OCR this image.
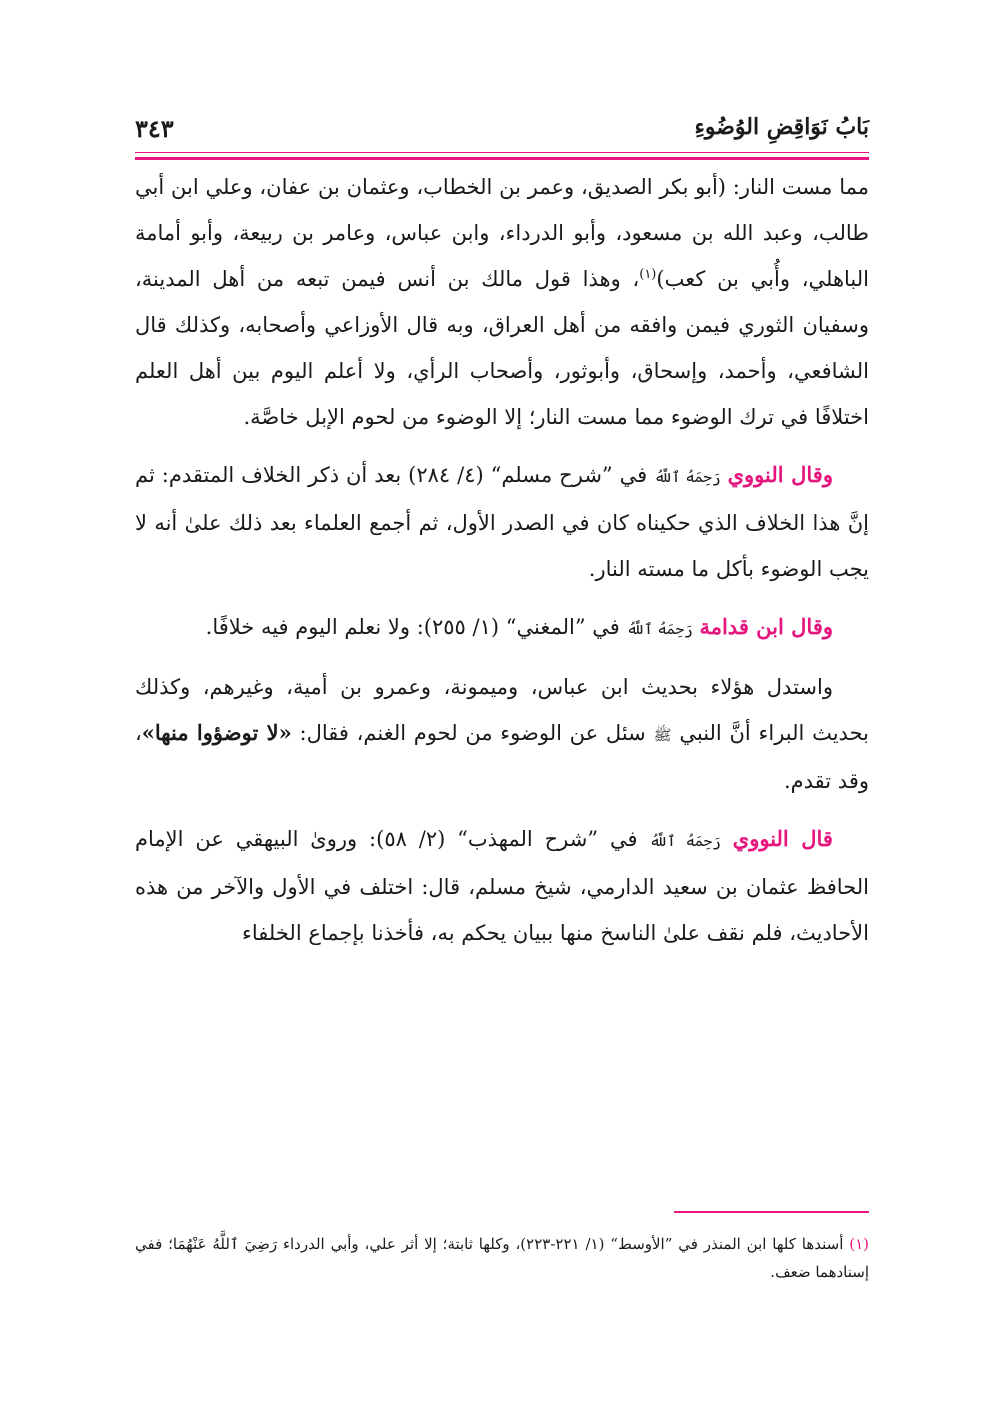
بَابُ نَوَاقِضِ الوُضُوءِ
٣٤٣

مما مست النار: (أبو بكر الصديق، وعمر بن الخطاب، وعثمان بن عفان، وعلي ابن أبي طالب، وعبد الله بن مسعود، وأبو الدرداء، وابن عباس، وعامر بن ربيعة، وأبو أمامة الباهلي، وأُبي بن كعب)$^{(١)}$، وهذا قول مالك بن أنس فيمن تبعه من أهل المدينة، وسفيان الثوري فيمن وافقه من أهل العراق، وبه قال الأوزاعي وأصحابه، وكذلك قال الشافعي، وأحمد، وإسحاق، وأبوثور، وأصحاب الرأي، ولا أعلم اليوم بين أهل العلم اختلافًا في ترك الوضوء مما مست النار؛ إلا الوضوء من لحوم الإبل خاصَّة.

وقال النووي رَحِمَهُ ٱللَّهُ في ”شرح مسلم“ (٤/ ٢٨٤) بعد أن ذكر الخلاف المتقدم: ثم إنَّ هذا الخلاف الذي حكيناه كان في الصدر الأول، ثم أجمع العلماء بعد ذلك علىٰ أنه لا يجب الوضوء بأكل ما مسته النار.

وقال ابن قدامة رَحِمَهُ ٱللَّهُ في ”المغني“ (١/ ٢٥٥): ولا نعلم اليوم فيه خلافًا.

واستدل هؤلاء بحديث ابن عباس، وميمونة، وعمرو بن أمية، وغيرهم، وكذلك بحديث البراء أنَّ النبي ﷺ سئل عن الوضوء من لحوم الغنم، فقال: «لا توضؤوا منها»، وقد تقدم.

قال النووي رَحِمَهُ ٱللَّهُ في ”شرح المهذب“ (٢/ ٥٨): وروىٰ البيهقي عن الإمام الحافظ عثمان بن سعيد الدارمي، شيخ مسلم، قال: اختلف في الأول والآخر من هذه الأحاديث، فلم نقف علىٰ الناسخ منها ببيان يحكم به، فأخذنا بإجماع الخلفاء

(١) أسندها كلها ابن المنذر في ”الأوسط“ (١/ ٢٢١-٢٢٣)، وكلها ثابتة؛ إلا أثر علي، وأبي الدرداء رَضِيَ ٱللَّهُ عَنْهُمَا؛ ففي إسنادهما ضعف.
